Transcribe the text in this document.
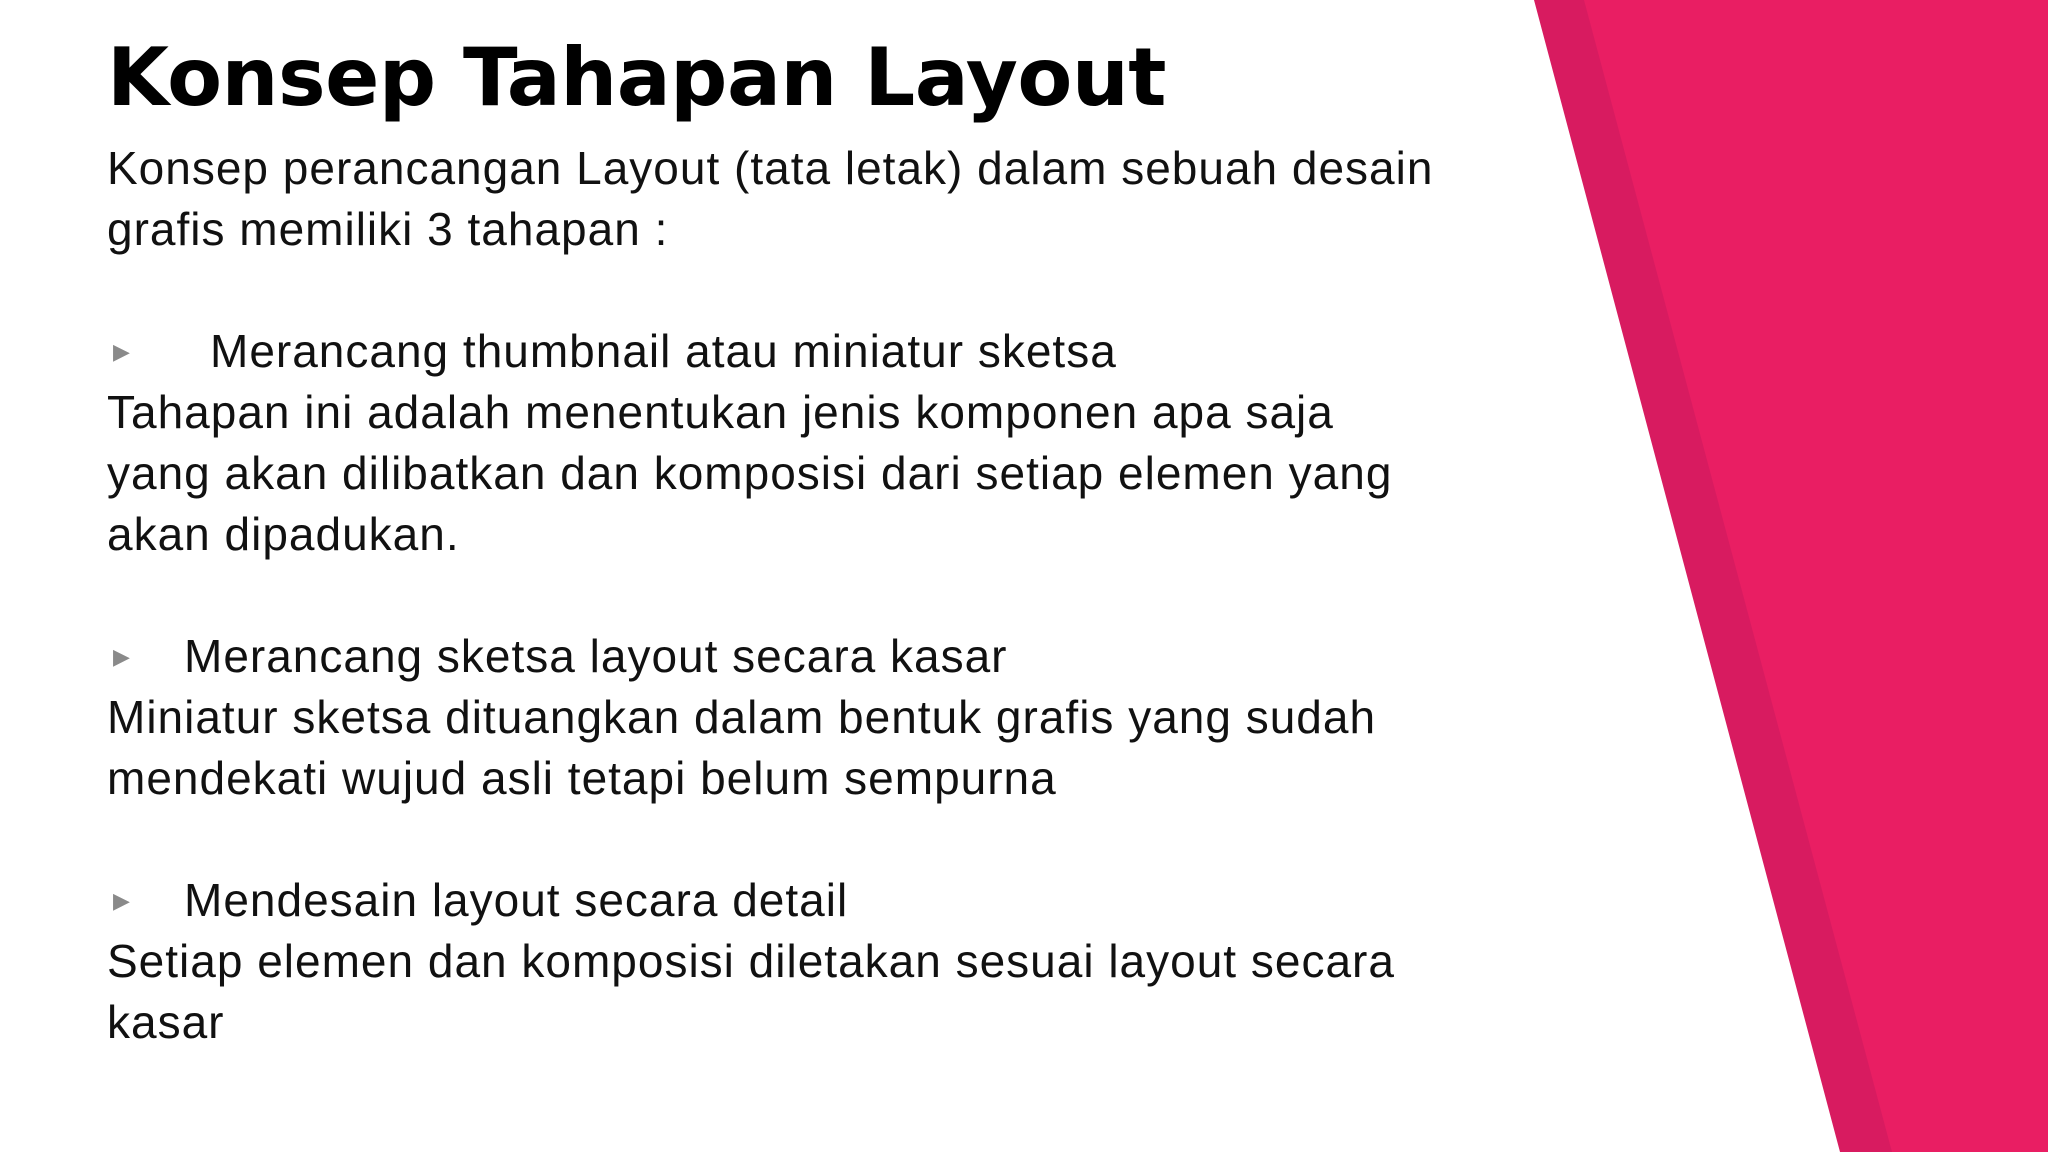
Konsep Tahapan Layout
Konsep perancangan Layout (tata letak) dalam sebuah desain
grafis memiliki 3 tahapan :
▶ Merancang thumbnail atau miniatur sketsa
Tahapan ini adalah menentukan jenis komponen apa saja
yang akan dilibatkan dan komposisi dari setiap elemen yang
akan dipadukan.
▶ Merancang sketsa layout secara kasar
Miniatur sketsa dituangkan dalam bentuk grafis yang sudah
mendekati wujud asli tetapi belum sempurna
▶ Mendesain layout secara detail
Setiap elemen dan komposisi diletakan sesuai layout secara
kasar
